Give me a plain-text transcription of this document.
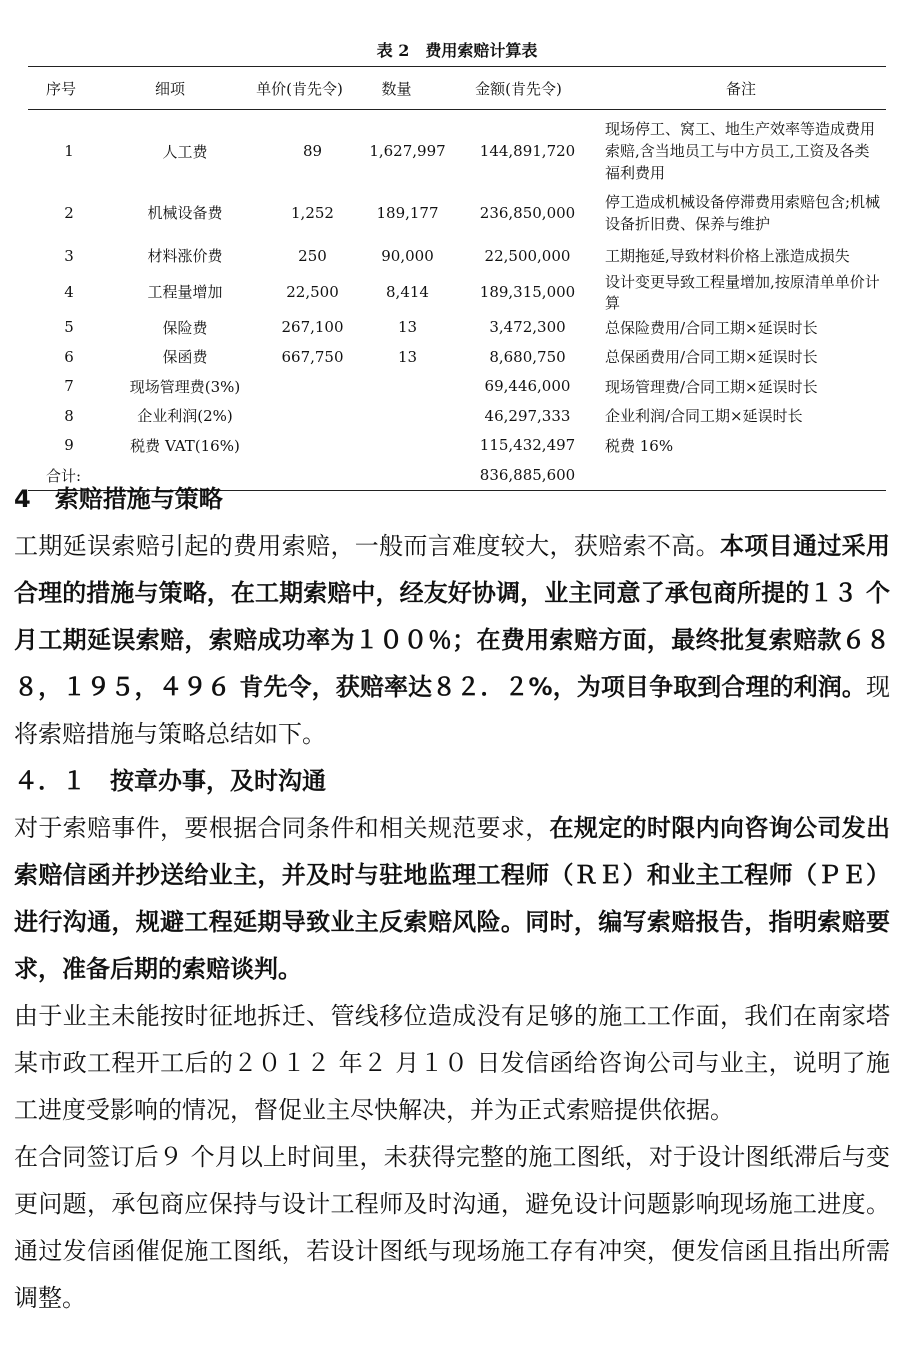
表 2　费用索赔计算表
序号	细项	单价(肯先令)	数量	金额(肯先令)	备注

1	人工费	89	1,627,997	144,891,720	现场停工、窝工、地生产效率等造成费用索赔,含当地员工与中方员工,工资及各类福利费用
2	机械设备费	1,252	189,177	236,850,000	停工造成机械设备停滞费用索赔包含;机械设备折旧费、保养与维护
3	材料涨价费	250	90,000	22,500,000	工期拖延,导致材料价格上涨造成损失
4	工程量增加	22,500	8,414	189,315,000	设计变更导致工程量增加,按原清单单价计算
5	保险费	267,100	13	3,472,300	总保险费用/合同工期×延误时长
6	保函费	667,750	13	8,680,750	总保函费用/合同工期×延误时长
7	现场管理费(3%)			69,446,000	现场管理费/合同工期×延误时长
8	企业利润(2%)			46,297,333	企业利润/合同工期×延误时长
9	税费 VAT(16%)			115,432,497	税费 16%
合计:				836,885,600	
4　索赔措施与策略

工期延误索赔引起的费用索赔，一般而言难度较大，获赔索不高。本项目通过采用合理的措施与策略，在工期索赔中，经友好协调，业主同意了承包商所提的１３ 个月工期延误索赔，索赔成功率为１００％；在费用索赔方面，最终批复索赔款６８８，１９５，４９６ 肯先令，获赔率达８２．２%，为项目争取到合理的利润。现将索赔措施与策略总结如下。

４．１　按章办事，及时沟通

对于索赔事件，要根据合同条件和相关规范要求，在规定的时限内向咨询公司发出索赔信函并抄送给业主，并及时与驻地监理工程师（ＲＥ）和业主工程师（ＰＥ）进行沟通，规避工程延期导致业主反索赔风险。同时，编写索赔报告，指明索赔要求，准备后期的索赔谈判。

由于业主未能按时征地拆迁、管线移位造成没有足够的施工工作面，我们在南家塔某市政工程开工后的２０１２ 年２ 月１０ 日发信函给咨询公司与业主，说明了施工进度受影响的情况，督促业主尽快解决，并为正式索赔提供依据。

在合同签订后９ 个月以上时间里，未获得完整的施工图纸，对于设计图纸滞后与变更问题，承包商应保持与设计工程师及时沟通，避免设计问题影响现场施工进度。通过发信函催促施工图纸，若设计图纸与现场施工存有冲突，便发信函且指出所需调整。
